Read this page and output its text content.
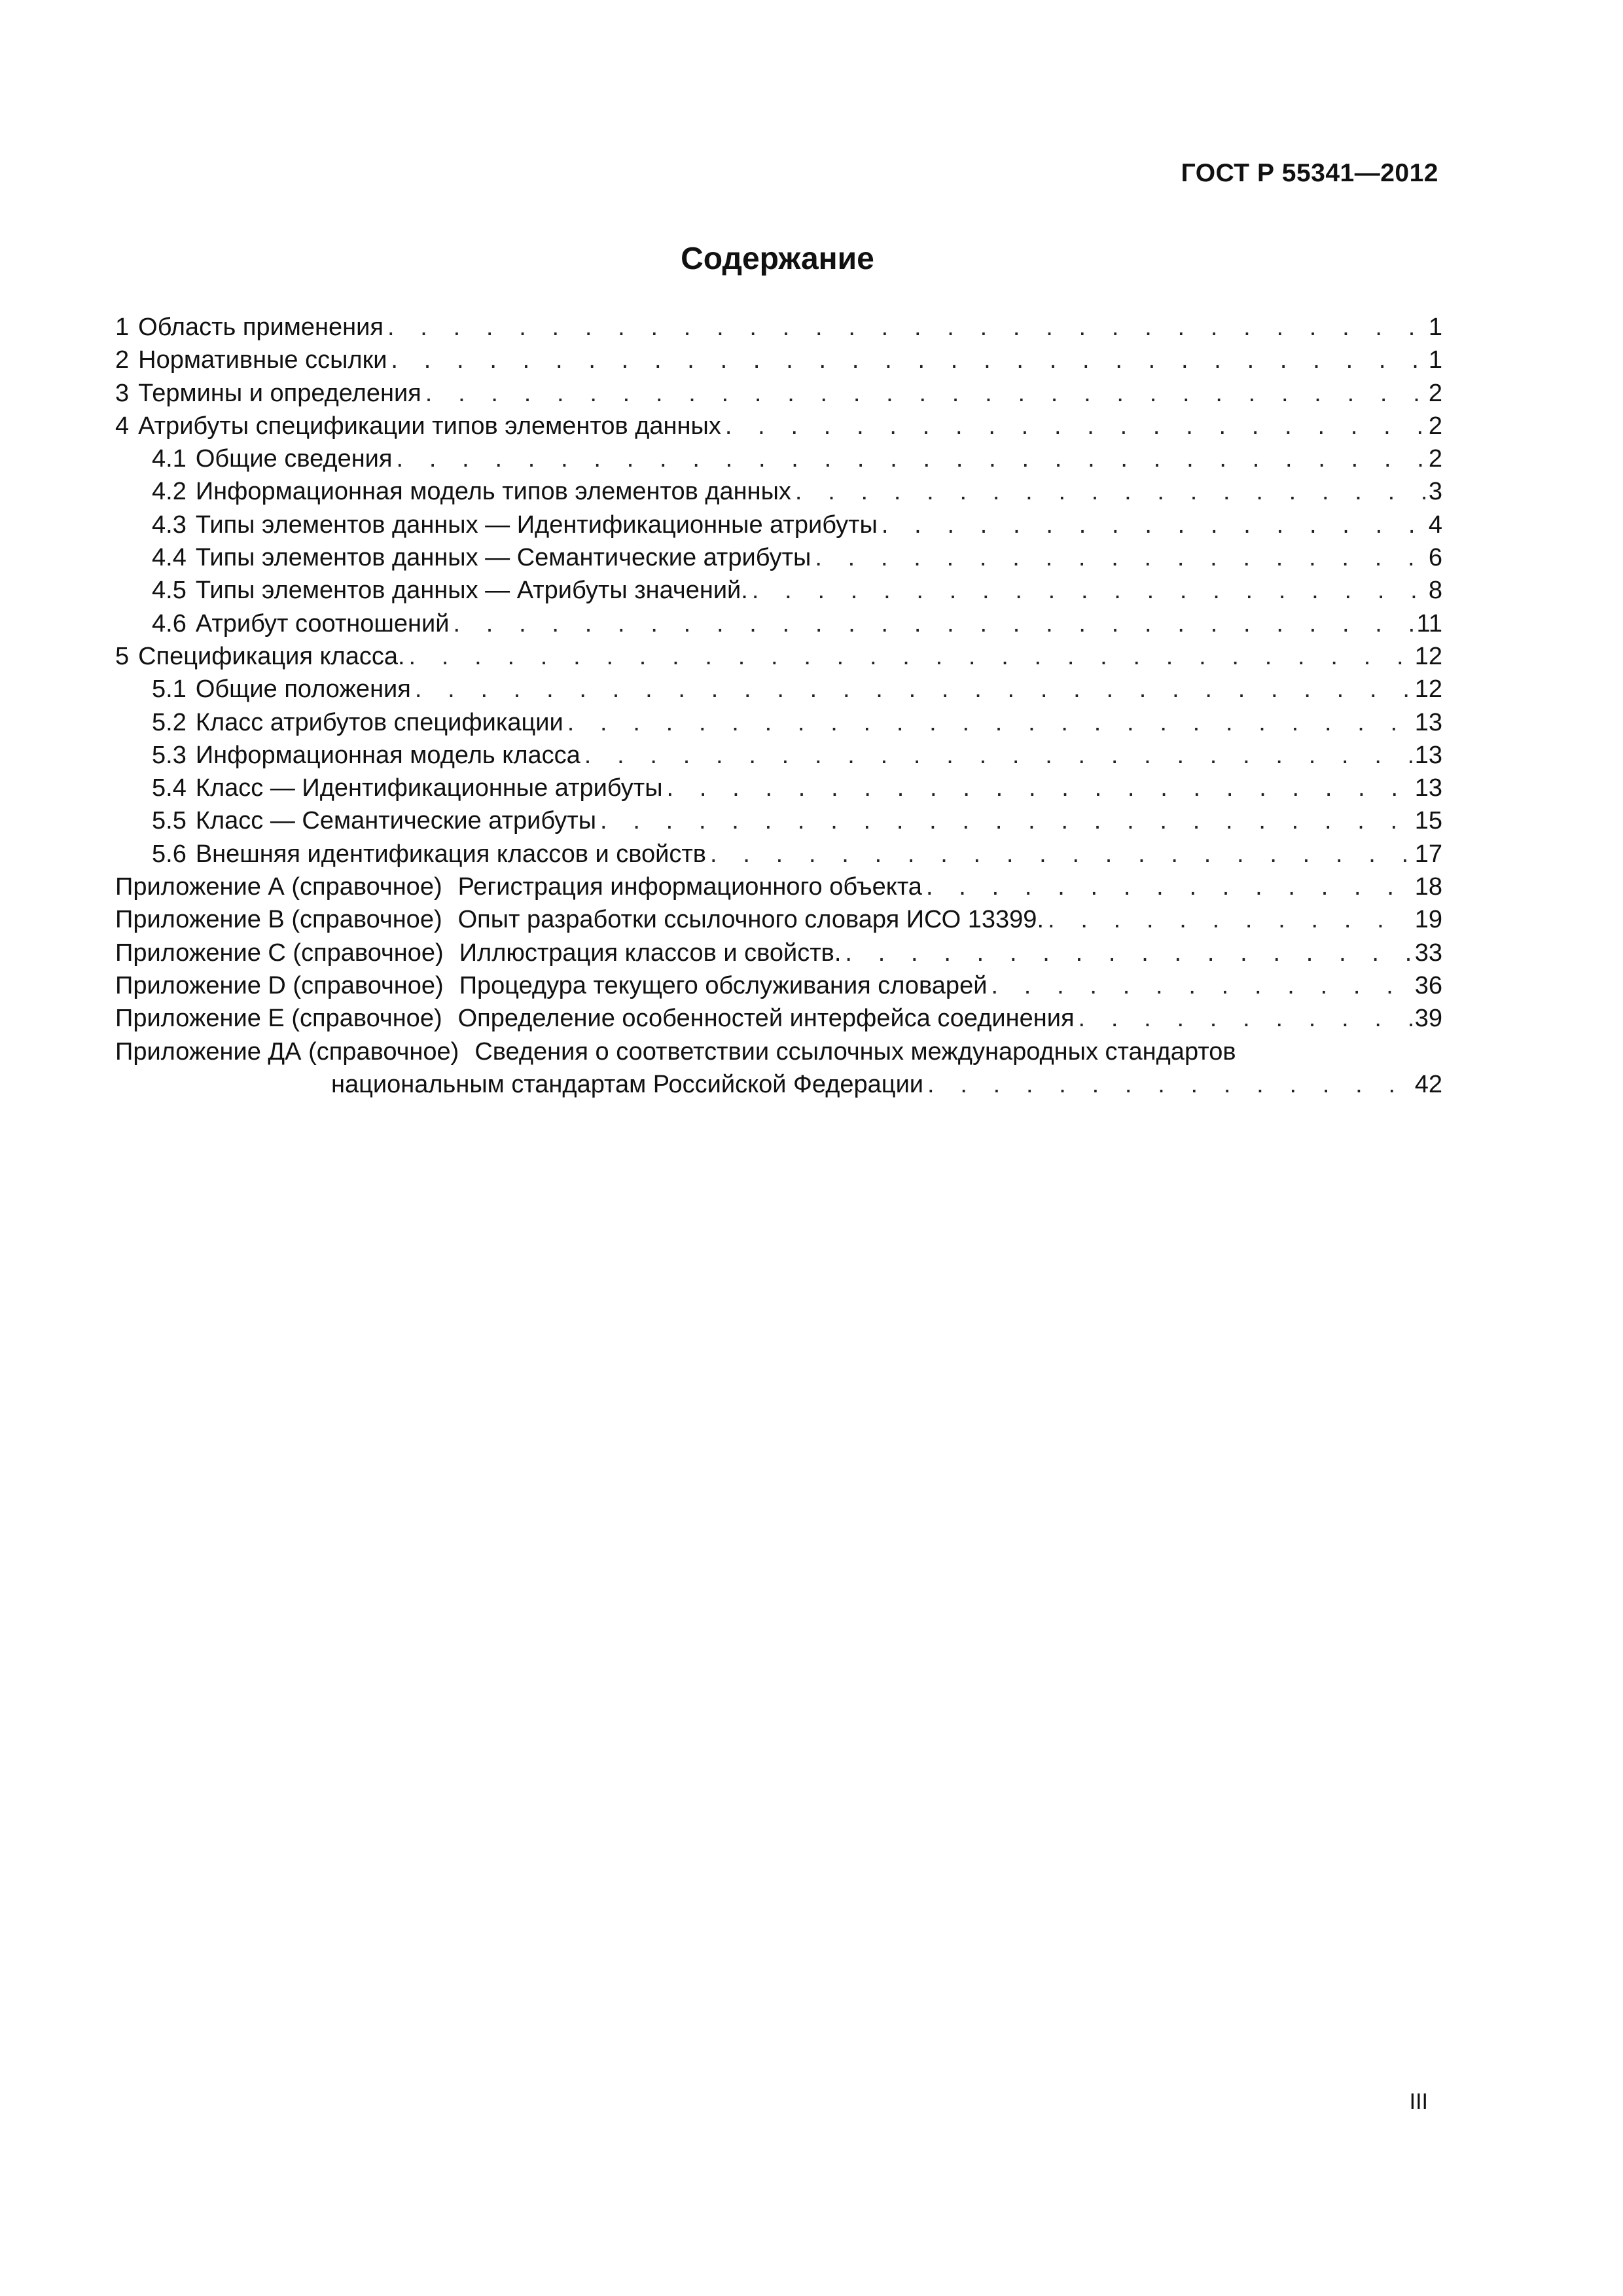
ГОСТ Р 55341—2012
Содержание
1 Область применения . . .	1
2 Нормативные ссылки . . .	1
3 Термины и определения . . .	2
4 Атрибуты спецификации типов элементов данных . . .	2
4.1 Общие сведения . . .	2
4.2 Информационная модель типов элементов данных . . .	3
4.3 Типы элементов данных — Идентификационные атрибуты . . .	4
4.4 Типы элементов данных — Семантические атрибуты . . .	6
4.5 Типы элементов данных — Атрибуты значений. . . .	8
4.6 Атрибут соотношений . . .	11
5 Спецификация класса. . . .	12
5.1 Общие положения . . .	12
5.2 Класс атрибутов спецификации . . .	13
5.3 Информационная модель класса . . .	13
5.4 Класс — Идентификационные атрибуты . . .	13
5.5 Класс — Семантические атрибуты . . .	15
5.6 Внешняя идентификация классов и свойств . . .	17
Приложение А (справочное) Регистрация информационного объекта . . .	18
Приложение В (справочное) Опыт разработки ссылочного словаря ИСО 13399. . . .	19
Приложение С (справочное) Иллюстрация классов и свойств. . . .	33
Приложение D (справочное) Процедура текущего обслуживания словарей . . .	36
Приложение Е (справочное) Определение особенностей интерфейса соединения . . .	39
Приложение ДА (справочное) Сведения о соответствии ссылочных международных стандартов
национальным стандартам Российской Федерации . . .	42
III
